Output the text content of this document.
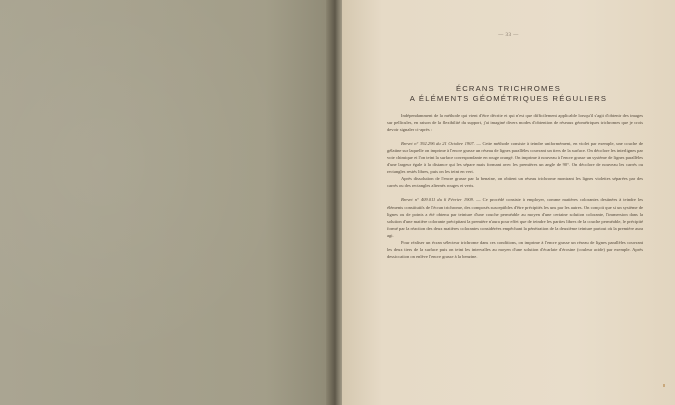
— 33 —
ÉCRANS TRICHROMES
A ÉLÉMENTS GÉOMÉTRIQUES RÉGULIERS

Indépendamment de la méthode qui vient d'être décrite et qui n'est que difficilement applicable lorsqu'il s'agit d'obtenir des images sur pellicules, en raison de la flexibilité du support, j'ai imaginé divers modes d'obtention de réseaux géométriques trichromes que je crois devoir signaler ci-après :

Brevet n° 392.296 du 21 Octobre 1907. — Cette méthode consiste à teindre uniformément, en violet par exemple, une couche de gélatine sur laquelle on imprime à l'encre grasse un réseau de lignes parallèles couvrant un tiers de la surface. On décolore les interlignes par voie chimique et l'on teint la surface correspondante en rouge orangé. On imprime à nouveau à l'encre grasse un système de lignes parallèles d'une largeur égale à la distance qui les sépare mais formant avec les premières un angle de 90°. On décolore de nouveau les carrés ou rectangles restés libres, puis on les teint en vert.

Après dissolution de l'encre grasse par la benzine, on obtient un réseau trichrome montrant les lignes violettes séparées par des carrés ou des rectangles alternés rouges et verts.

Brevet n° 409.011 du 6 Février 1909. — Ce procédé consiste à employer, comme matières colorantes destinées à teindre les éléments constitutifs de l'écran trichrome, des composés susceptibles d'être précipités les uns par les autres. On conçoit que si un système de lignes ou de points a été obtenu par teinture d'une couche perméable au moyen d'une certaine solution colorante, l'immersion dans la solution d'une matière colorante précipitant la première n'aura pour effet que de teindre les parties libres de la couche perméable, le précipité formé par la réaction des deux matières colorantes considérées empêchant la pénétration de la deuxième teinture partout où la première aura agi.

Pour réaliser un écran sélecteur trichrome dans ces conditions, on imprime à l'encre grasse un réseau de lignes parallèles couvrant les deux tiers de la surface puis on teint les intervalles au moyen d'une solution d'écarlate d'érosine (couleur acide) par exemple. Après dessiccation on enlève l'encre grasse à la benzine.
